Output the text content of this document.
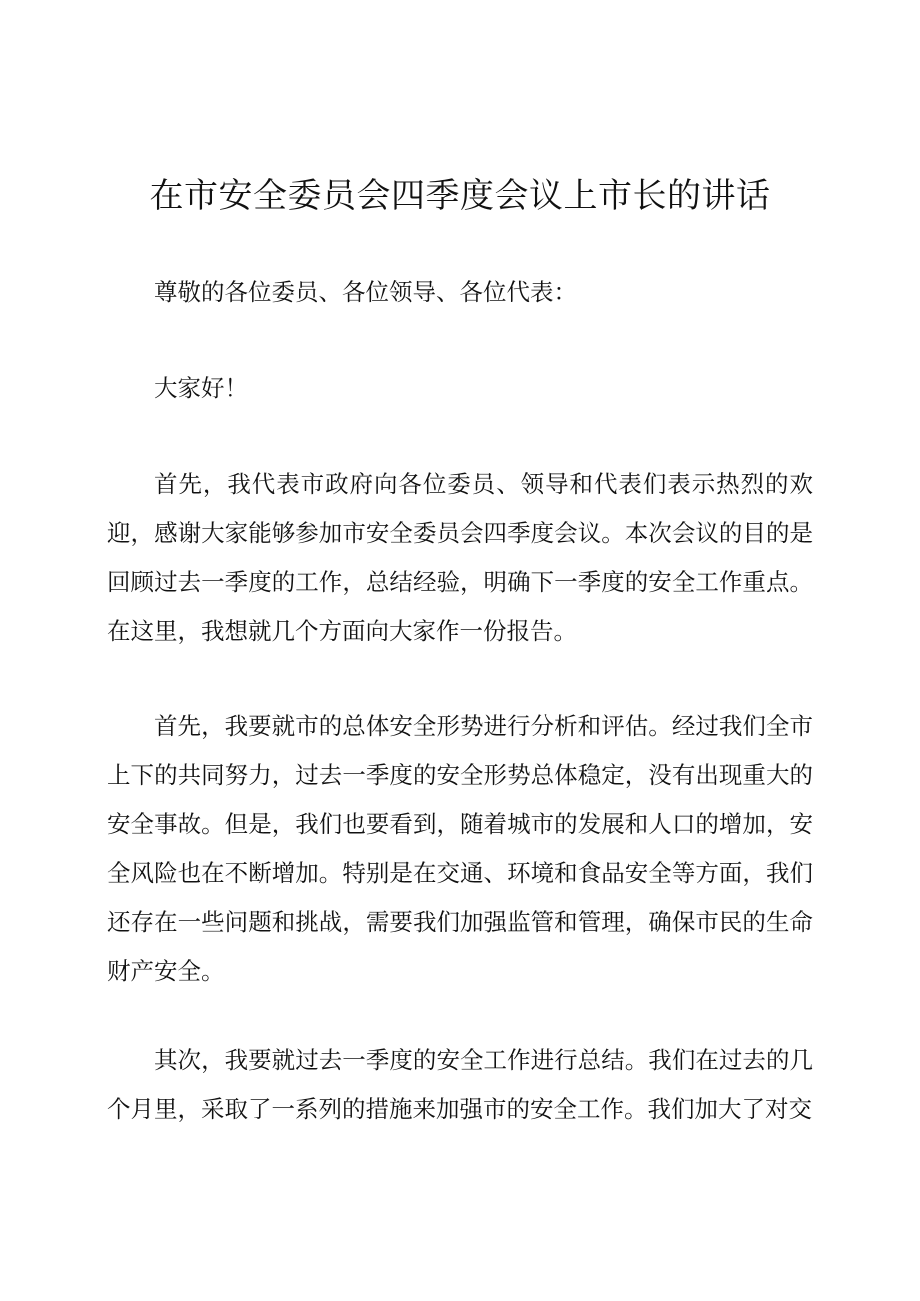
在市安全委员会四季度会议上市长的讲话

尊敬的各位委员、各位领导、各位代表：

大家好！

首先，我代表市政府向各位委员、领导和代表们表示热烈的欢迎，感谢大家能够参加市安全委员会四季度会议。本次会议的目的是回顾过去一季度的工作，总结经验，明确下一季度的安全工作重点。在这里，我想就几个方面向大家作一份报告。

首先，我要就市的总体安全形势进行分析和评估。经过我们全市上下的共同努力，过去一季度的安全形势总体稳定，没有出现重大的安全事故。但是，我们也要看到，随着城市的发展和人口的增加，安全风险也在不断增加。特别是在交通、环境和食品安全等方面，我们还存在一些问题和挑战，需要我们加强监管和管理，确保市民的生命财产安全。

其次，我要就过去一季度的安全工作进行总结。我们在过去的几个月里，采取了一系列的措施来加强市的安全工作。我们加大了对交
